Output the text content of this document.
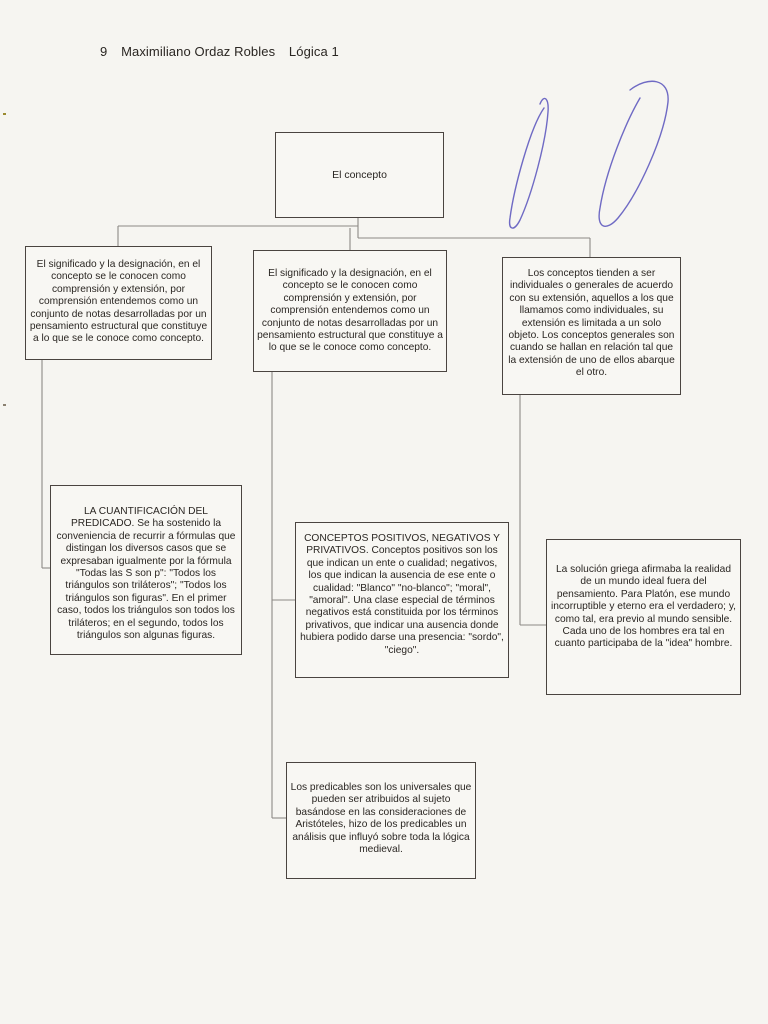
9 Maximiliano Ordaz Robles Lógica 1
El concepto
El significado y la designación, en el concepto se le conocen como comprensión y extensión, por comprensión entendemos como un conjunto de notas desarrolladas por un pensamiento estructural que constituye a lo que se le conoce como concepto.
El significado y la designación, en el concepto se le conocen como comprensión y extensión, por comprensión entendemos como un conjunto de notas desarrolladas por un pensamiento estructural que constituye a lo que se le conoce como concepto.
Los conceptos tienden a ser individuales o generales de acuerdo con su extensión, aquellos a los que llamamos como individuales, su extensión es limitada a un solo objeto. Los conceptos generales son cuando se hallan en relación tal que la extensión de uno de ellos abarque el otro.
LA CUANTIFICACIÓN DEL PREDICADO. Se ha sostenido la conveniencia de recurrir a fórmulas que distingan los diversos casos que se expresaban igualmente por la fórmula "Todas las S son p": "Todos los triángulos son triláteros"; "Todos los triángulos son figuras". En el primer caso, todos los triángulos son todos los triláteros; en el segundo, todos los triángulos son algunas figuras.
CONCEPTOS POSITIVOS, NEGATIVOS Y PRIVATIVOS. Conceptos positivos son los que indican un ente o cualidad; negativos, los que indican la ausencia de ese ente o cualidad: "Blanco" "no-blanco"; "moral", "amoral". Una clase especial de términos negativos está constituida por los términos privativos, que indicar una ausencia donde hubiera podido darse una presencia: "sordo", "ciego".
La solución griega afirmaba la realidad de un mundo ideal fuera del pensamiento. Para Platón, ese mundo incorruptible y eterno era el verdadero; y, como tal, era previo al mundo sensible. Cada uno de los hombres era tal en cuanto participaba de la "idea" hombre.
Los predicables son los universales que pueden ser atribuidos al sujeto basándose en las consideraciones de Aristóteles, hizo de los predicables un análisis que influyó sobre toda la lógica medieval.
